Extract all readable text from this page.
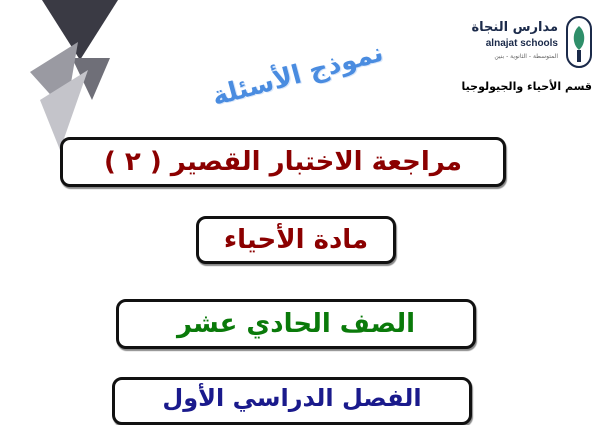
مدارس النجاة
alnajat schools
المتوسطة - الثانوية - بنين
قسم الأحياء والجيولوجيا
نموذج الأسئلة
مراجعة الاختبار القصير ( ٢ )
مادة الأحياء
الصف الحادي عشر
الفصل الدراسي الأول
